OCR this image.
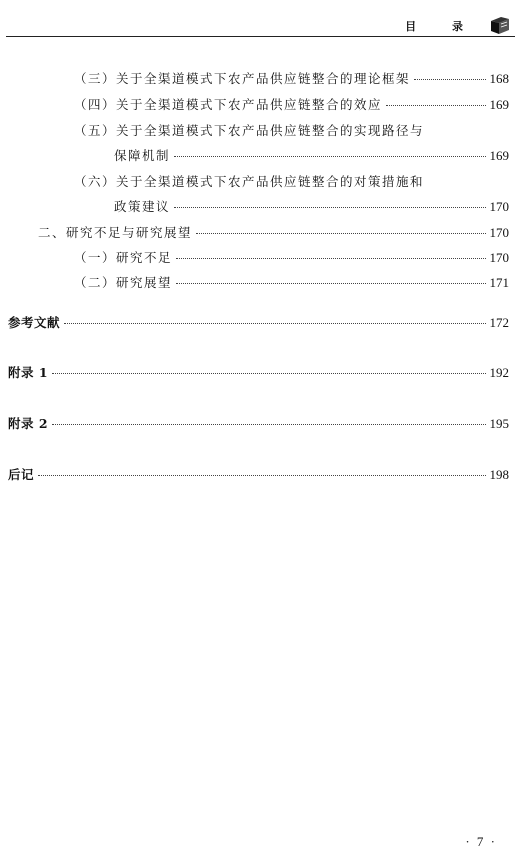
目 录
（三）关于全渠道模式下农产品供应链整合的理论框架	168
（四）关于全渠道模式下农产品供应链整合的效应	169
（五）关于全渠道模式下农产品供应链整合的实现路径与
保障机制	169
（六）关于全渠道模式下农产品供应链整合的对策措施和
政策建议	170
二、研究不足与研究展望	170
（一）研究不足	170
（二）研究展望	171
参考文献	172
附录 1	192
附录 2	195
后记	198
· 7 ·
